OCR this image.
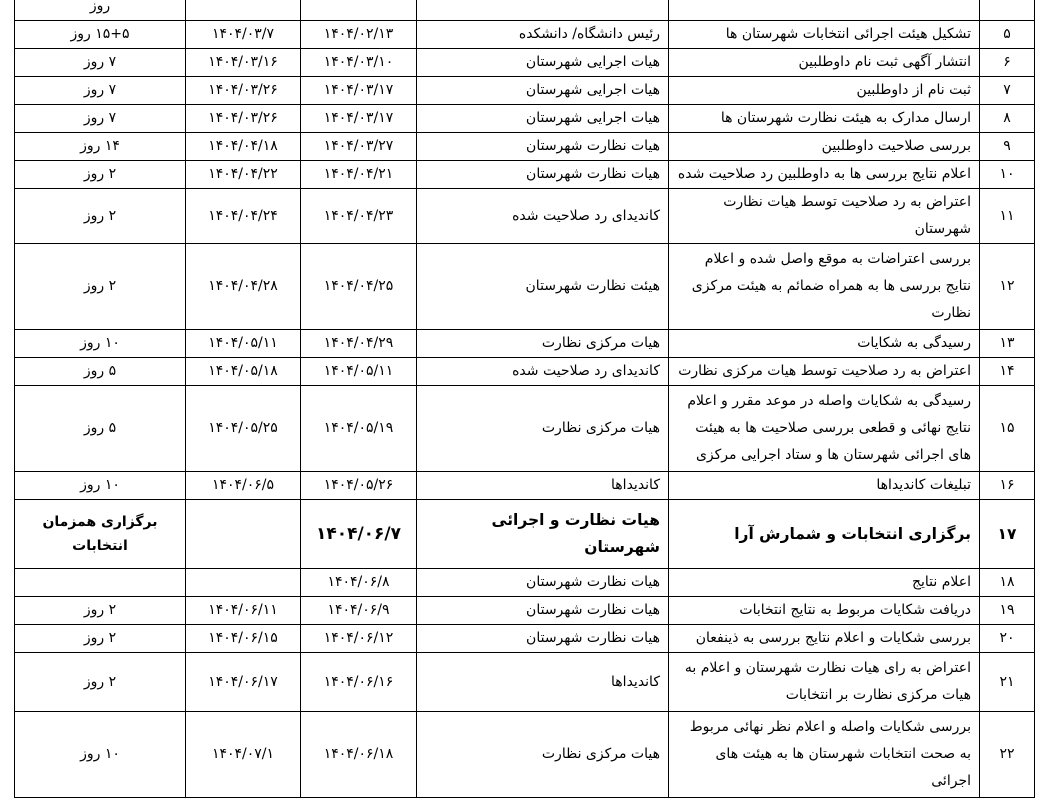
					روز
۵	تشکیل هیئت اجرائی انتخابات شهرستان ها	رئیس دانشگاه/ دانشکده	۱۴۰۴/۰۲/۱۳	۱۴۰۴/۰۳/۷	۱۵+۵ روز
۶	انتشار آگهی ثبت نام داوطلبین	هیات اجرایی شهرستان	۱۴۰۴/۰۳/۱۰	۱۴۰۴/۰۳/۱۶	۷ روز
۷	ثبت نام از داوطلبین	هیات اجرایی شهرستان	۱۴۰۴/۰۳/۱۷	۱۴۰۴/۰۳/۲۶	۷ روز
۸	ارسال مدارک به هیئت نظارت شهرستان ها	هیات اجرایی شهرستان	۱۴۰۴/۰۳/۱۷	۱۴۰۴/۰۳/۲۶	۷ روز
۹	بررسی صلاحیت داوطلبین	هیات نظارت شهرستان	۱۴۰۴/۰۳/۲۷	۱۴۰۴/۰۴/۱۸	۱۴ روز
۱۰	اعلام نتایج بررسی ها به داوطلبین رد صلاحیت شده	هیات نظارت شهرستان	۱۴۰۴/۰۴/۲۱	۱۴۰۴/۰۴/۲۲	۲ روز
۱۱	اعتراض به رد صلاحیت توسط هیات نظارت شهرستان	کاندیدای رد صلاحیت شده	۱۴۰۴/۰۴/۲۳	۱۴۰۴/۰۴/۲۴	۲ روز
۱۲	بررسی اعتراضات به موقع واصل شده و اعلام نتایج بررسی ها به همراه ضمائم به هیئت مرکزی نظارت	هیئت نظارت شهرستان	۱۴۰۴/۰۴/۲۵	۱۴۰۴/۰۴/۲۸	۲ روز
۱۳	رسیدگی به شکایات	هیات مرکزی نظارت	۱۴۰۴/۰۴/۲۹	۱۴۰۴/۰۵/۱۱	۱۰ روز
۱۴	اعتراض به رد صلاحیت توسط هیات مرکزی نظارت	کاندیدای رد صلاحیت شده	۱۴۰۴/۰۵/۱۱	۱۴۰۴/۰۵/۱۸	۵ روز
۱۵	رسیدگی به شکایات واصله در موعد مقرر و اعلام نتایج نهائی و قطعی بررسی صلاحیت ها به هیئت های اجرائی شهرستان ها و ستاد اجرایی مرکزی	هیات مرکزی نظارت	۱۴۰۴/۰۵/۱۹	۱۴۰۴/۰۵/۲۵	۵ روز
۱۶	تبلیغات کاندیداها	کاندیداها	۱۴۰۴/۰۵/۲۶	۱۴۰۴/۰۶/۵	۱۰ روز
۱۷	برگزاری انتخابات و شمارش آرا	هیات نظارت و اجرائی شهرستان	۱۴۰۴/۰۶/۷		برگزاری همزمان انتخابات
۱۸	اعلام نتایج	هیات نظارت شهرستان	۱۴۰۴/۰۶/۸		
۱۹	دریافت شکایات مربوط به نتایج انتخابات	هیات نظارت شهرستان	۱۴۰۴/۰۶/۹	۱۴۰۴/۰۶/۱۱	۲ روز
۲۰	بررسی شکایات و اعلام نتایج بررسی به ذینفعان	هیات نظارت شهرستان	۱۴۰۴/۰۶/۱۲	۱۴۰۴/۰۶/۱۵	۲ روز
۲۱	اعتراض به رای هیات نظارت شهرستان و اعلام به هیات مرکزی نظارت بر انتخابات	کاندیداها	۱۴۰۴/۰۶/۱۶	۱۴۰۴/۰۶/۱۷	۲ روز
۲۲	بررسی شکایات واصله و اعلام نظر نهائی مربوط به صحت انتخابات شهرستان ها به هیئت های اجرائی	هیات مرکزی نظارت	۱۴۰۴/۰۶/۱۸	۱۴۰۴/۰۷/۱	۱۰ روز
